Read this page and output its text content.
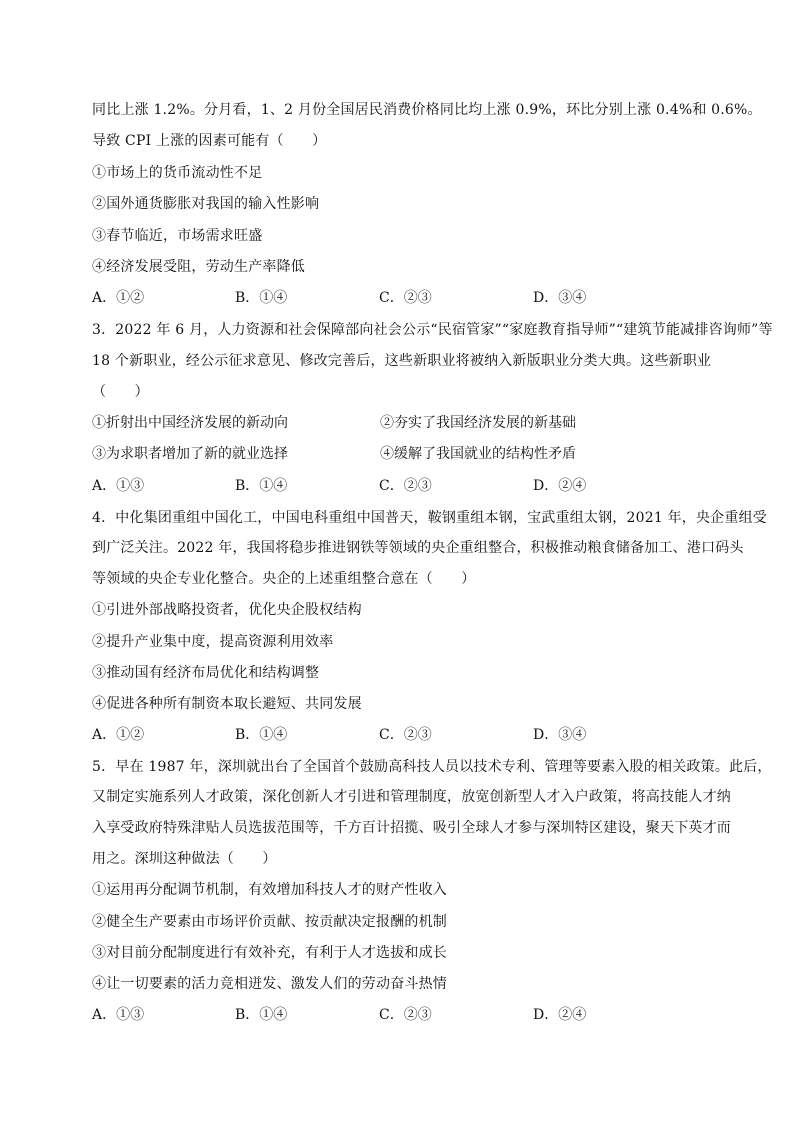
同比上涨 1.2%。分月看，1、2 月份全国居民消费价格同比均上涨 0.9%，环比分别上涨 0.4%和 0.6%。
导致 CPI 上涨的因素可能有（　　）
①市场上的货币流动性不足
②国外通货膨胀对我国的输入性影响
③春节临近，市场需求旺盛
④经济发展受阻，劳动生产率降低
A．①②	B．①④	C．②③	D．③④
3．2022 年 6 月，人力资源和社会保障部向社会公示“民宿管家”“家庭教育指导师”“建筑节能减排咨询师”等
18 个新职业，经公示征求意见、修改完善后，这些新职业将被纳入新版职业分类大典。这些新职业
（　　）
①折射出中国经济发展的新动向	②夯实了我国经济发展的新基础
③为求职者增加了新的就业选择	④缓解了我国就业的结构性矛盾
A．①③	B．①④	C．②③	D．②④
4．中化集团重组中国化工，中国电科重组中国普天，鞍钢重组本钢，宝武重组太钢，2021 年，央企重组受
到广泛关注。2022 年，我国将稳步推进钢铁等领域的央企重组整合，积极推动粮食储备加工、港口码头
等领域的央企专业化整合。央企的上述重组整合意在（　　）
①引进外部战略投资者，优化央企股权结构
②提升产业集中度，提高资源利用效率
③推动国有经济布局优化和结构调整
④促进各种所有制资本取长避短、共同发展
A．①②	B．①④	C．②③	D．③④
5．早在 1987 年，深圳就出台了全国首个鼓励高科技人员以技术专利、管理等要素入股的相关政策。此后，
又制定实施系列人才政策，深化创新人才引进和管理制度，放宽创新型人才入户政策，将高技能人才纳
入享受政府特殊津贴人员选拔范围等，千方百计招揽、吸引全球人才参与深圳特区建设，聚天下英才而
用之。深圳这种做法（　　）
①运用再分配调节机制，有效增加科技人才的财产性收入
②健全生产要素由市场评价贡献、按贡献决定报酬的机制
③对目前分配制度进行有效补充，有利于人才选拔和成长
④让一切要素的活力竞相迸发、激发人们的劳动奋斗热情
A．①③	B．①④	C．②③	D．②④
